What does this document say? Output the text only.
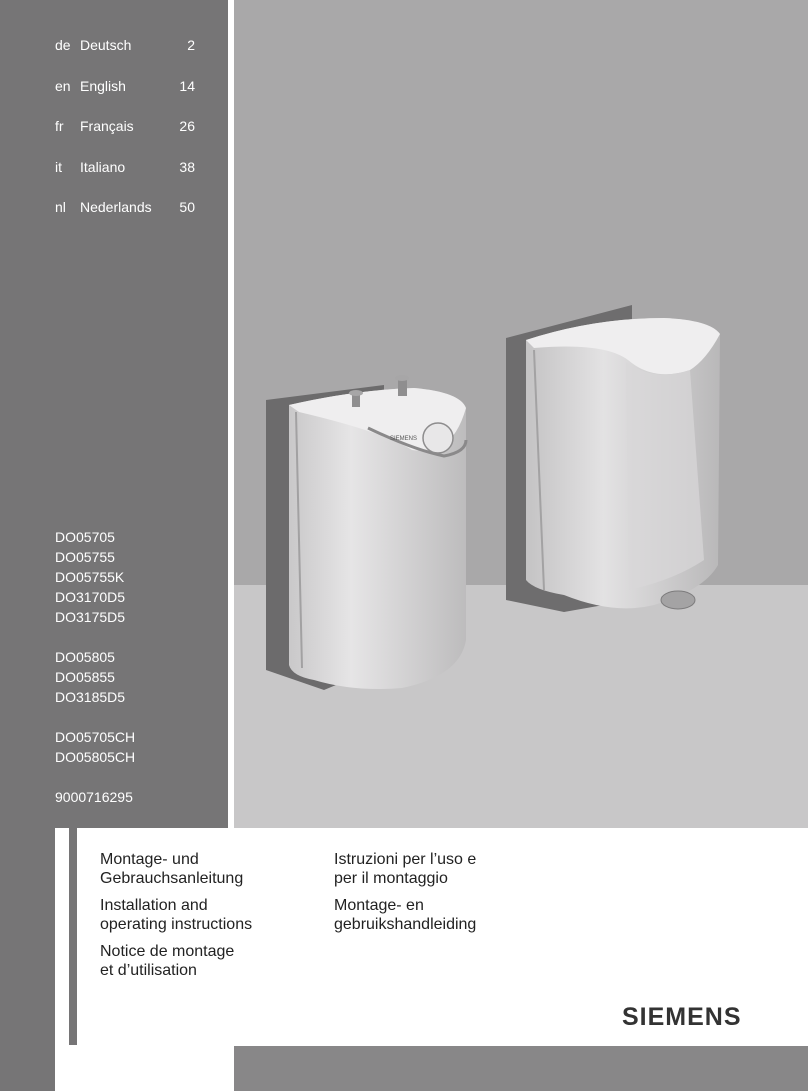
de Deutsch	2
en English	14
fr Français	26
it Italiano	38
nl Nederlands 50
DO05705
DO05755
DO05755K
DO3170D5
DO3175D5
DO05805
DO05855
DO3185D5
DO05705CH
DO05805CH
9000716295
SIEMENS
Montage- und
Gebrauchsanleitung
Installation and
operating instructions
Notice de montage
et d’utilisation
Istruzioni per l’uso e
per il montaggio
Montage- en
gebruikshandleiding
SIEMENS
